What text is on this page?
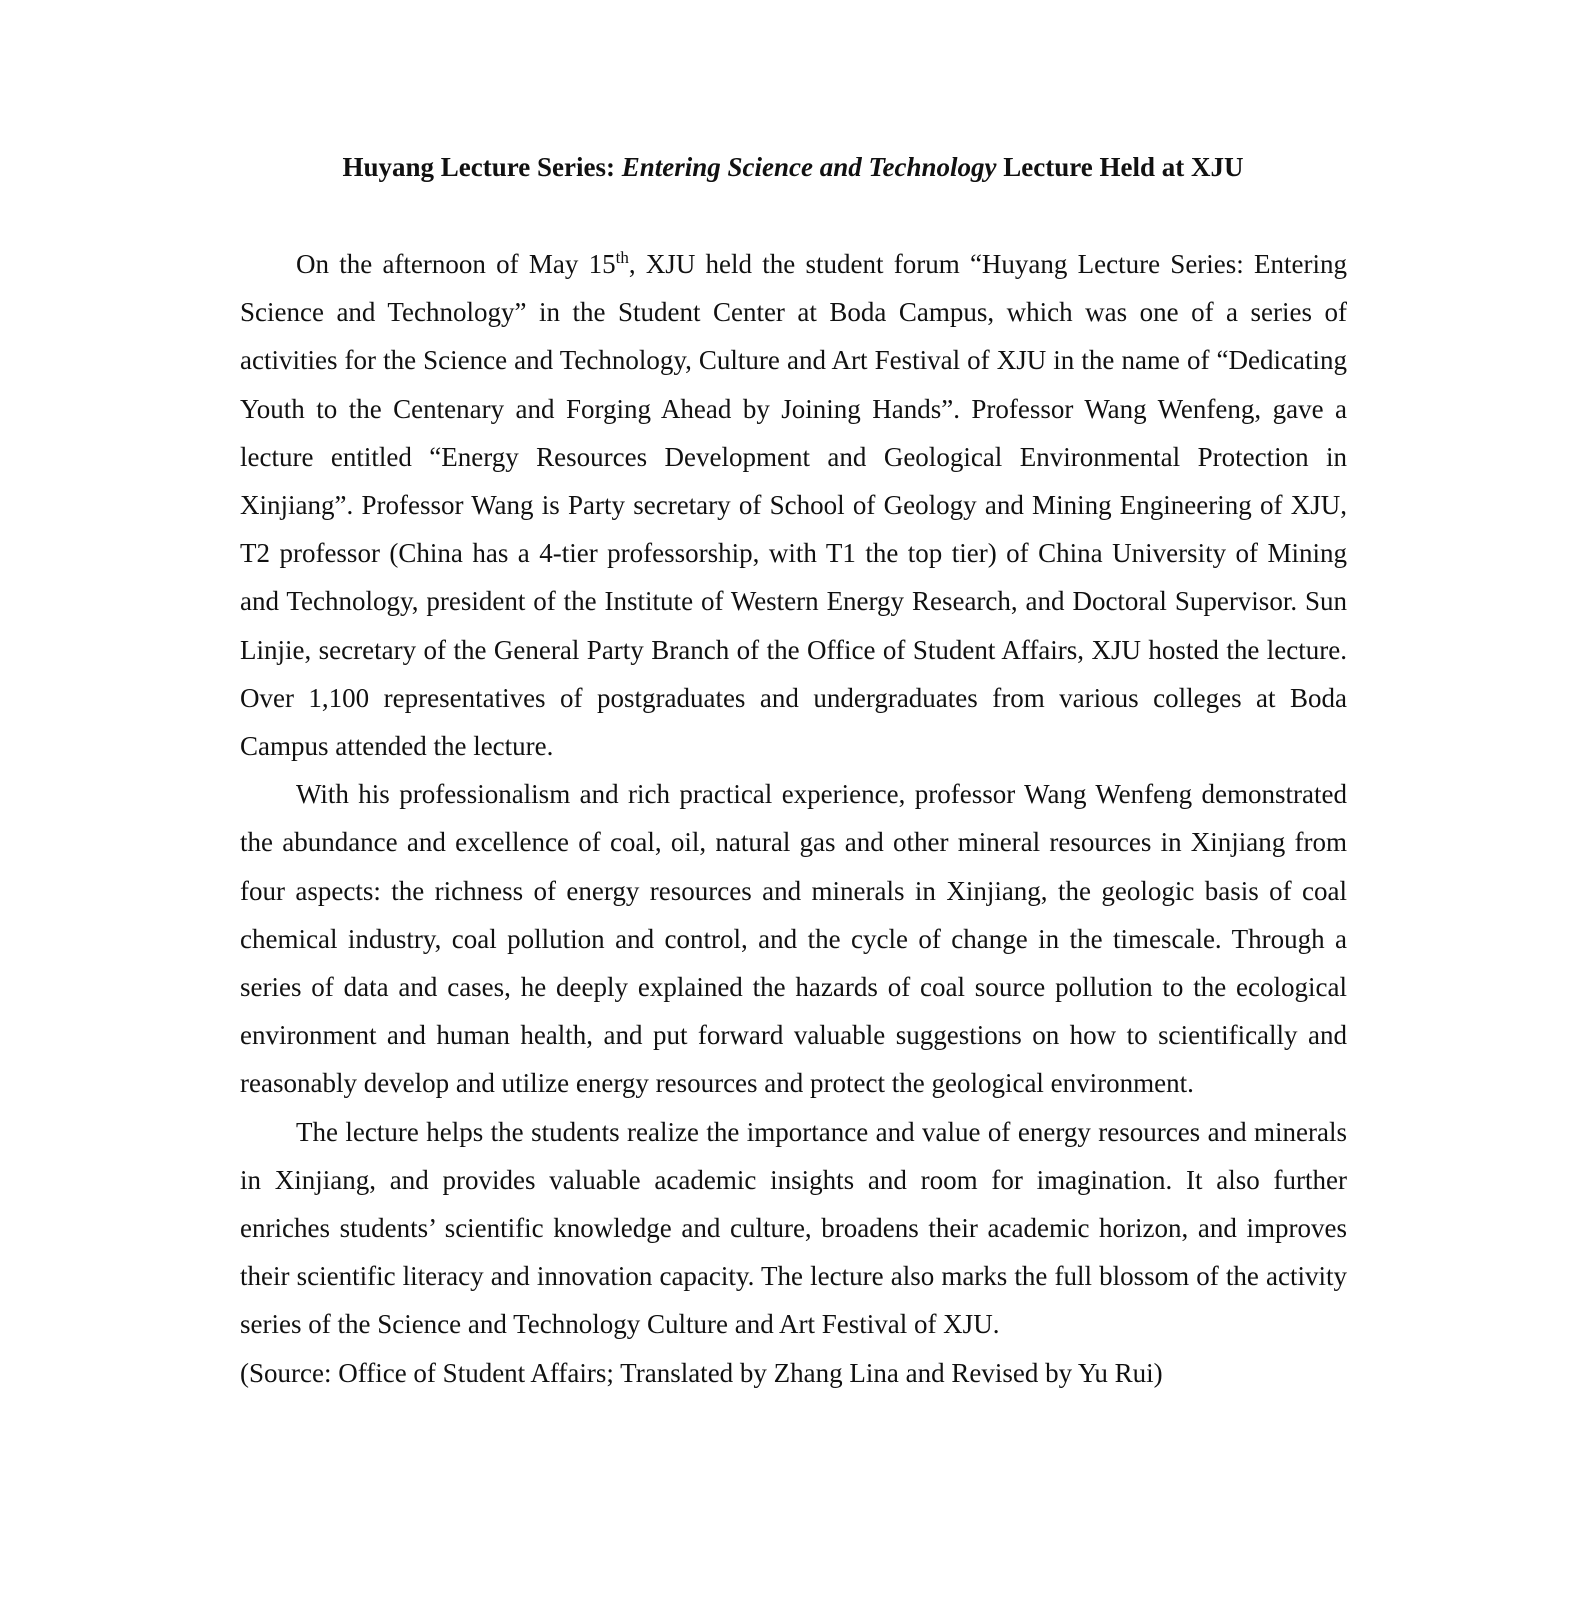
Huyang Lecture Series: Entering Science and Technology Lecture Held at XJU

On the afternoon of May 15th, XJU held the student forum “Huyang Lecture Series: Entering Science and Technology” in the Student Center at Boda Campus, which was one of a series of activities for the Science and Technology, Culture and Art Festival of XJU in the name of “Dedicating Youth to the Centenary and Forging Ahead by Joining Hands”. Professor Wang Wenfeng, gave a lecture entitled “Energy Resources Development and Geological Environmental Protection in Xinjiang”. Professor Wang is Party secretary of School of Geology and Mining Engineering of XJU, T2 professor (China has a 4-tier professorship, with T1 the top tier) of China University of Mining and Technology, president of the Institute of Western Energy Research, and Doctoral Supervisor. Sun Linjie, secretary of the General Party Branch of the Office of Student Affairs, XJU hosted the lecture. Over 1,100 representatives of postgraduates and undergraduates from various colleges at Boda Campus attended the lecture.

With his professionalism and rich practical experience, professor Wang Wenfeng demonstrated the abundance and excellence of coal, oil, natural gas and other mineral resources in Xinjiang from four aspects: the richness of energy resources and minerals in Xinjiang, the geologic basis of coal chemical industry, coal pollution and control, and the cycle of change in the timescale. Through a series of data and cases, he deeply explained the hazards of coal source pollution to the ecological environment and human health, and put forward valuable suggestions on how to scientifically and reasonably develop and utilize energy resources and protect the geological environment.

The lecture helps the students realize the importance and value of energy resources and minerals in Xinjiang, and provides valuable academic insights and room for imagination. It also further enriches students’ scientific knowledge and culture, broadens their academic horizon, and improves their scientific literacy and innovation capacity. The lecture also marks the full blossom of the activity series of the Science and Technology Culture and Art Festival of XJU.

(Source: Office of Student Affairs; Translated by Zhang Lina and Revised by Yu Rui)
